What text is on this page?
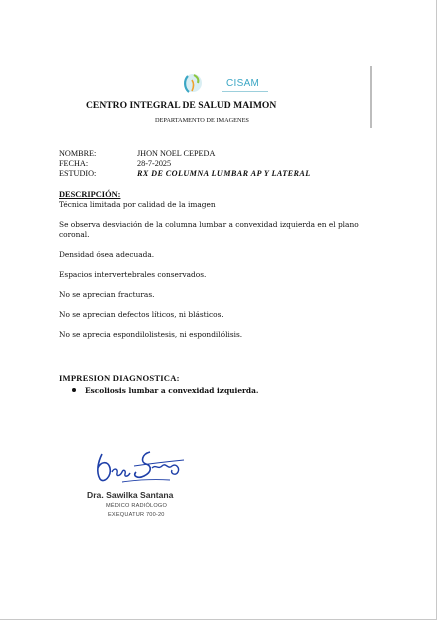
CISAM
CENTRO INTEGRAL DE SALUD MAIMON
DEPARTAMENTO DE IMAGENES
NOMBRE:	JHON NOEL CEPEDA
FECHA:	28-7-2025
ESTUDIO:	RX DE COLUMNA LUMBAR AP Y LATERAL
DESCRIPCIÓN:

Técnica limitada por calidad de la imagen

Se observa desviación de la columna lumbar a convexidad izquierda en el plano coronal.

Densidad ósea adecuada.

Espacios intervertebrales conservados.

No se aprecian fracturas.

No se aprecian defectos líticos, ni blásticos.

No se aprecia espondilolistesis, ni espondilólisis.

IMPRESION DIAGNOSTICA:
Escoliosis lumbar a convexidad izquierda.
Dra. Sawilka Santana
MÉDICO RADIÓLOGO
EXEQUATUR 700-20
